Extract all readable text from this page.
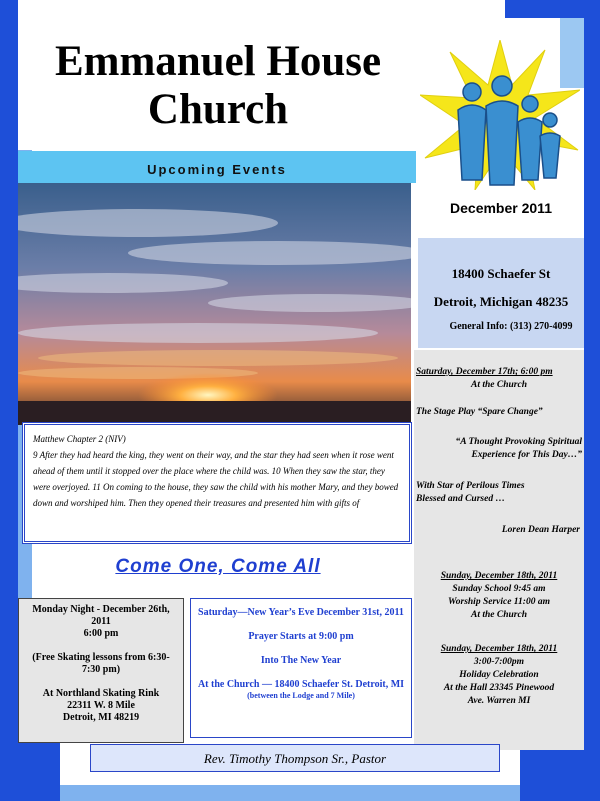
Emmanuel House
Church
Upcoming Events
December 2011
18400 Schaefer St
Detroit, Michigan 48235
General Info: (313) 270-4099
Matthew Chapter 2 (NIV)
9 After they had heard the king, they went on their way, and the star they had seen when it rose went ahead of them until it stopped over the place where the child was. 10 When they saw the star, they were overjoyed. 11 On coming to the house, they saw the child with his mother Mary, and they bowed down and worshiped him. Then they opened their treasures and presented him with gifts of
Saturday, December 17th; 6:00 pm
At the Church
The Stage Play “Spare Change”
“A Thought Provoking Spiritual
Experience for This Day…”
With Star of Perilous Times
Blessed and Cursed …
Loren Dean Harper
Sunday, December 18th, 2011
Sunday School 9:45 am
Worship Service 11:00 am
At the Church
Sunday, December 18th, 2011
3:00-7:00pm
Holiday Celebration
At the Hall 23345 Pinewood
Ave. Warren MI
Come One, Come All
Monday Night - December 26th,
2011
6:00 pm
(Free Skating lessons from 6:30-
7:30 pm)
At Northland Skating Rink
22311 W. 8 Mile
Detroit, MI 48219
Saturday—New Year’s Eve December 31st, 2011
Prayer Starts at 9:00 pm
Into The New Year
At the Church — 18400 Schaefer St. Detroit, MI
(between the Lodge and 7 Mile)
Rev. Timothy Thompson Sr., Pastor
